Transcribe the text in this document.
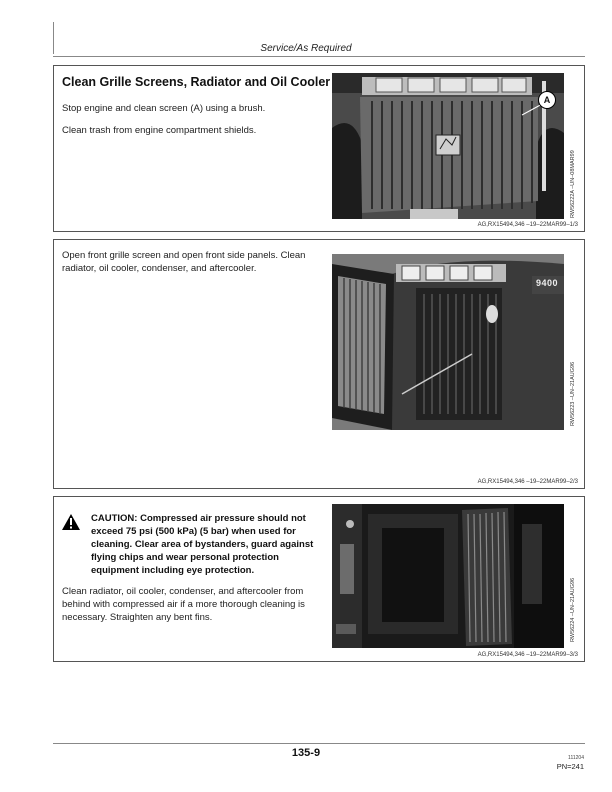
Service/As Required
Clean Grille Screens, Radiator and Oil Cooler
Stop engine and clean screen (A) using a brush.
Clean trash from engine compartment shields.
A
RW56222A –UN–08MAR99
AG,RX15494,346 –19–22MAR99–1/3
Open front grille screen and open front side panels. Clean radiator, oil cooler, condenser, and aftercooler.
9400
RW56223 –UN–21AUG96
AG,RX15494,346 –19–22MAR99–2/3
CAUTION: Compressed air pressure should not exceed 75 psi (500 kPa) (5 bar) when used for cleaning. Clear area of bystanders, guard against flying chips and wear personal protection equipment including eye protection.
Clean radiator, oil cooler, condenser, and aftercooler from behind with compressed air if a more thorough cleaning is necessary. Straighten any bent fins.	RW56224 –UN–21AUG96
AG,RX15494,346 –19–22MAR99–3/3
135-9	111204
PN=241
